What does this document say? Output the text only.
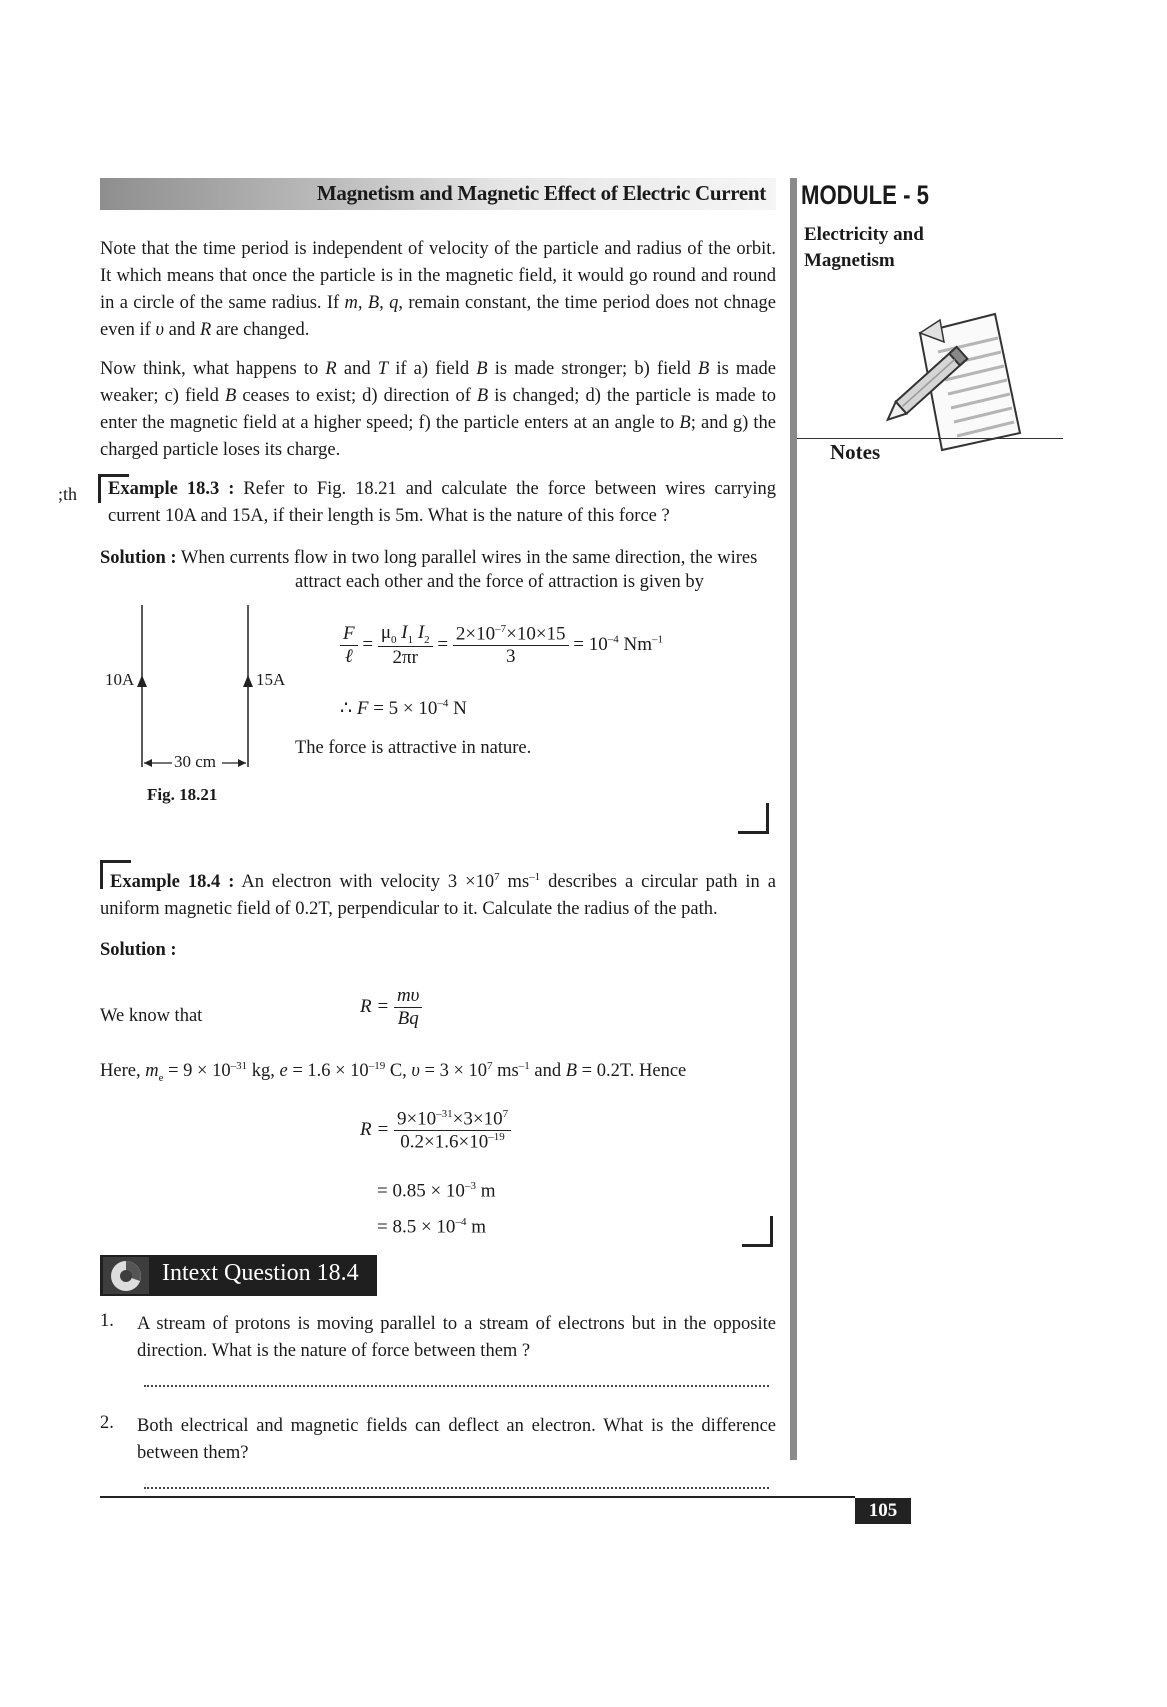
Magnetism and Magnetic Effect of Electric Current MODULE - 5
Electricity and
Magnetism
Notes
;th

Note that the time period is independent of velocity of the particle and radius of the orbit. It which means that once the particle is in the magnetic field, it would go round and round in a circle of the same radius. If m, B, q, remain constant, the time period does not chnage even if υ and R are changed.

Now think, what happens to R and T if a) field B is made stronger; b) field B is made weaker; c) field B ceases to exist; d) direction of B is changed; d) the particle is made to enter the magnetic field at a higher speed; f) the particle enters at an angle to B; and g) the charged particle loses its charge.

Example 18.3 : Refer to Fig. 18.21 and calculate the force between wires carrying current 10A and 15A, if their length is 5m. What is the nature of this force ?

Solution : When currents flow in two long parallel wires in the same direction, the wires

attract each other and the force of attraction is given by
10A	15A
30 cm
Fig. 18.21
$\frac{F}{\text{ℓ}} = \frac{\mu_0 I_1 I_2}{2\pi r} = \frac{2\times 10^{-7}\times 10\times 15}{3} = 10^{-4}$ $Nm^{-1}$
∴ $F = 5 \times 10^{-4}$ N
The force is attractive in nature.

Example 18.4 : An electron with velocity $3 \times 10^7$ $ms^{-1}$ describes a circular path in a uniform magnetic field of 0.2T, perpendicular to it. Calculate the radius of the path.

Solution :
We know that	$R = \frac{m\upsilon}{Bq}$
Here, $m_e = 9 \times 10^{-31}$ kg, $e = 1.6 \times 10^{-19}$ C, $\upsilon = 3 \times 10^7$ $ms^{-1}$ and B = 0.2T. Hence
$R = \frac{9\times 10^{-31}\times 3\times 10^7}{0.2\times 1.6\times 10^{-19}}$
= $0.85 \times 10^{-3}$ m
= $8.5 \times 10^{-4}$ m
Intext Question 18.4
1. A stream of protons is moving parallel to a stream of electrons but in the opposite direction. What is the nature of force between them ?
2. Both electrical and magnetic fields can deflect an electron. What is the difference between them?
105
